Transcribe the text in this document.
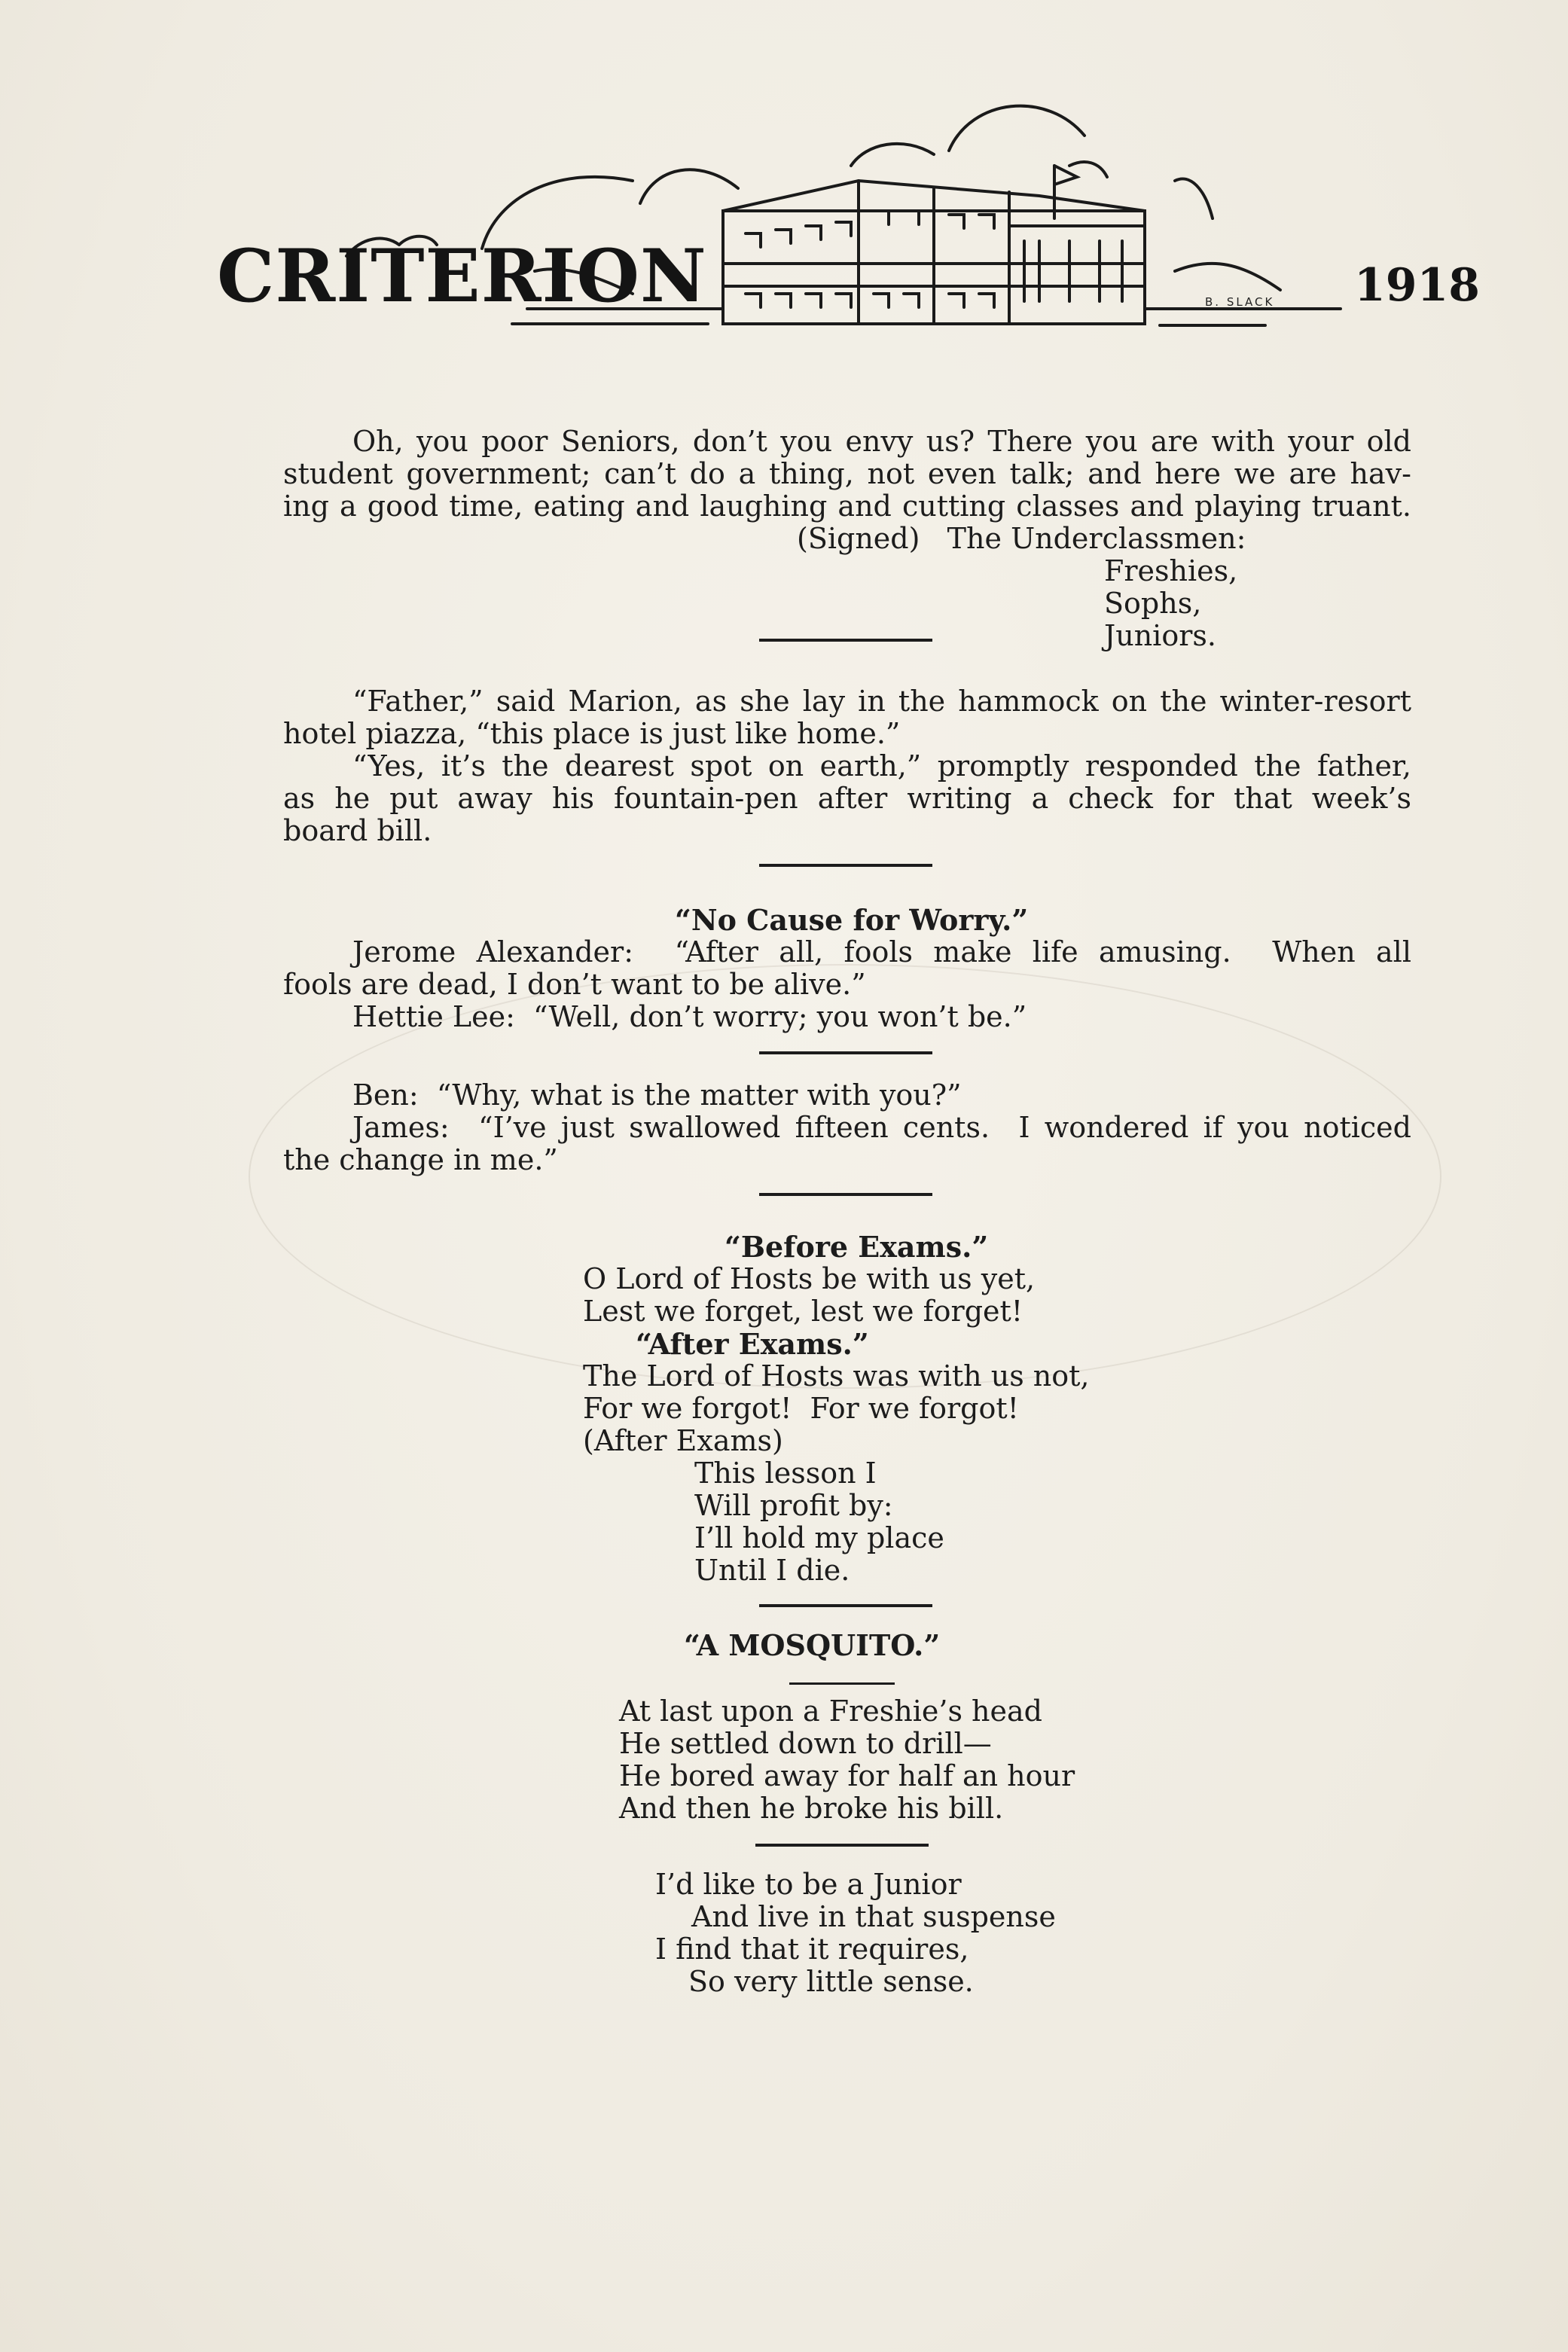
CRITERION	1918
B. SLACK
Oh, you poor Seniors, don’t you envy us? There you are with your old
student government; can’t do a thing, not even talk; and here we are hav-
ing a good time, eating and laughing and cutting classes and playing truant.
(Signed)   The Underclassmen:
Freshies,
Sophs,
Juniors.
“Father,” said Marion, as she lay in the hammock on the winter-resort
hotel piazza, “this place is just like home.”
“Yes, it’s the dearest spot on earth,” promptly responded the father,
as he put away his fountain-pen after writing a check for that week’s
board bill.
“No Cause for Worry.”
Jerome Alexander:  “After all, fools make life amusing.  When all
fools are dead, I don’t want to be alive.”
Hettie Lee:  “Well, don’t worry; you won’t be.”
Ben:  “Why, what is the matter with you?”
James:  “I’ve just swallowed fifteen cents.  I wondered if you noticed
the change in me.”
“Before Exams.”
O Lord of Hosts be with us yet,
Lest we forget, lest we forget!
“After Exams.”
The Lord of Hosts was with us not,
For we forgot!  For we forgot!
(After Exams)
This lesson I
Will profit by:
I’ll hold my place
Until I die.
“A MOSQUITO.”
At last upon a Freshie’s head
He settled down to drill—
He bored away for half an hour
And then he broke his bill.
I’d like to be a Junior
And live in that suspense
I find that it requires,
So very little sense.
